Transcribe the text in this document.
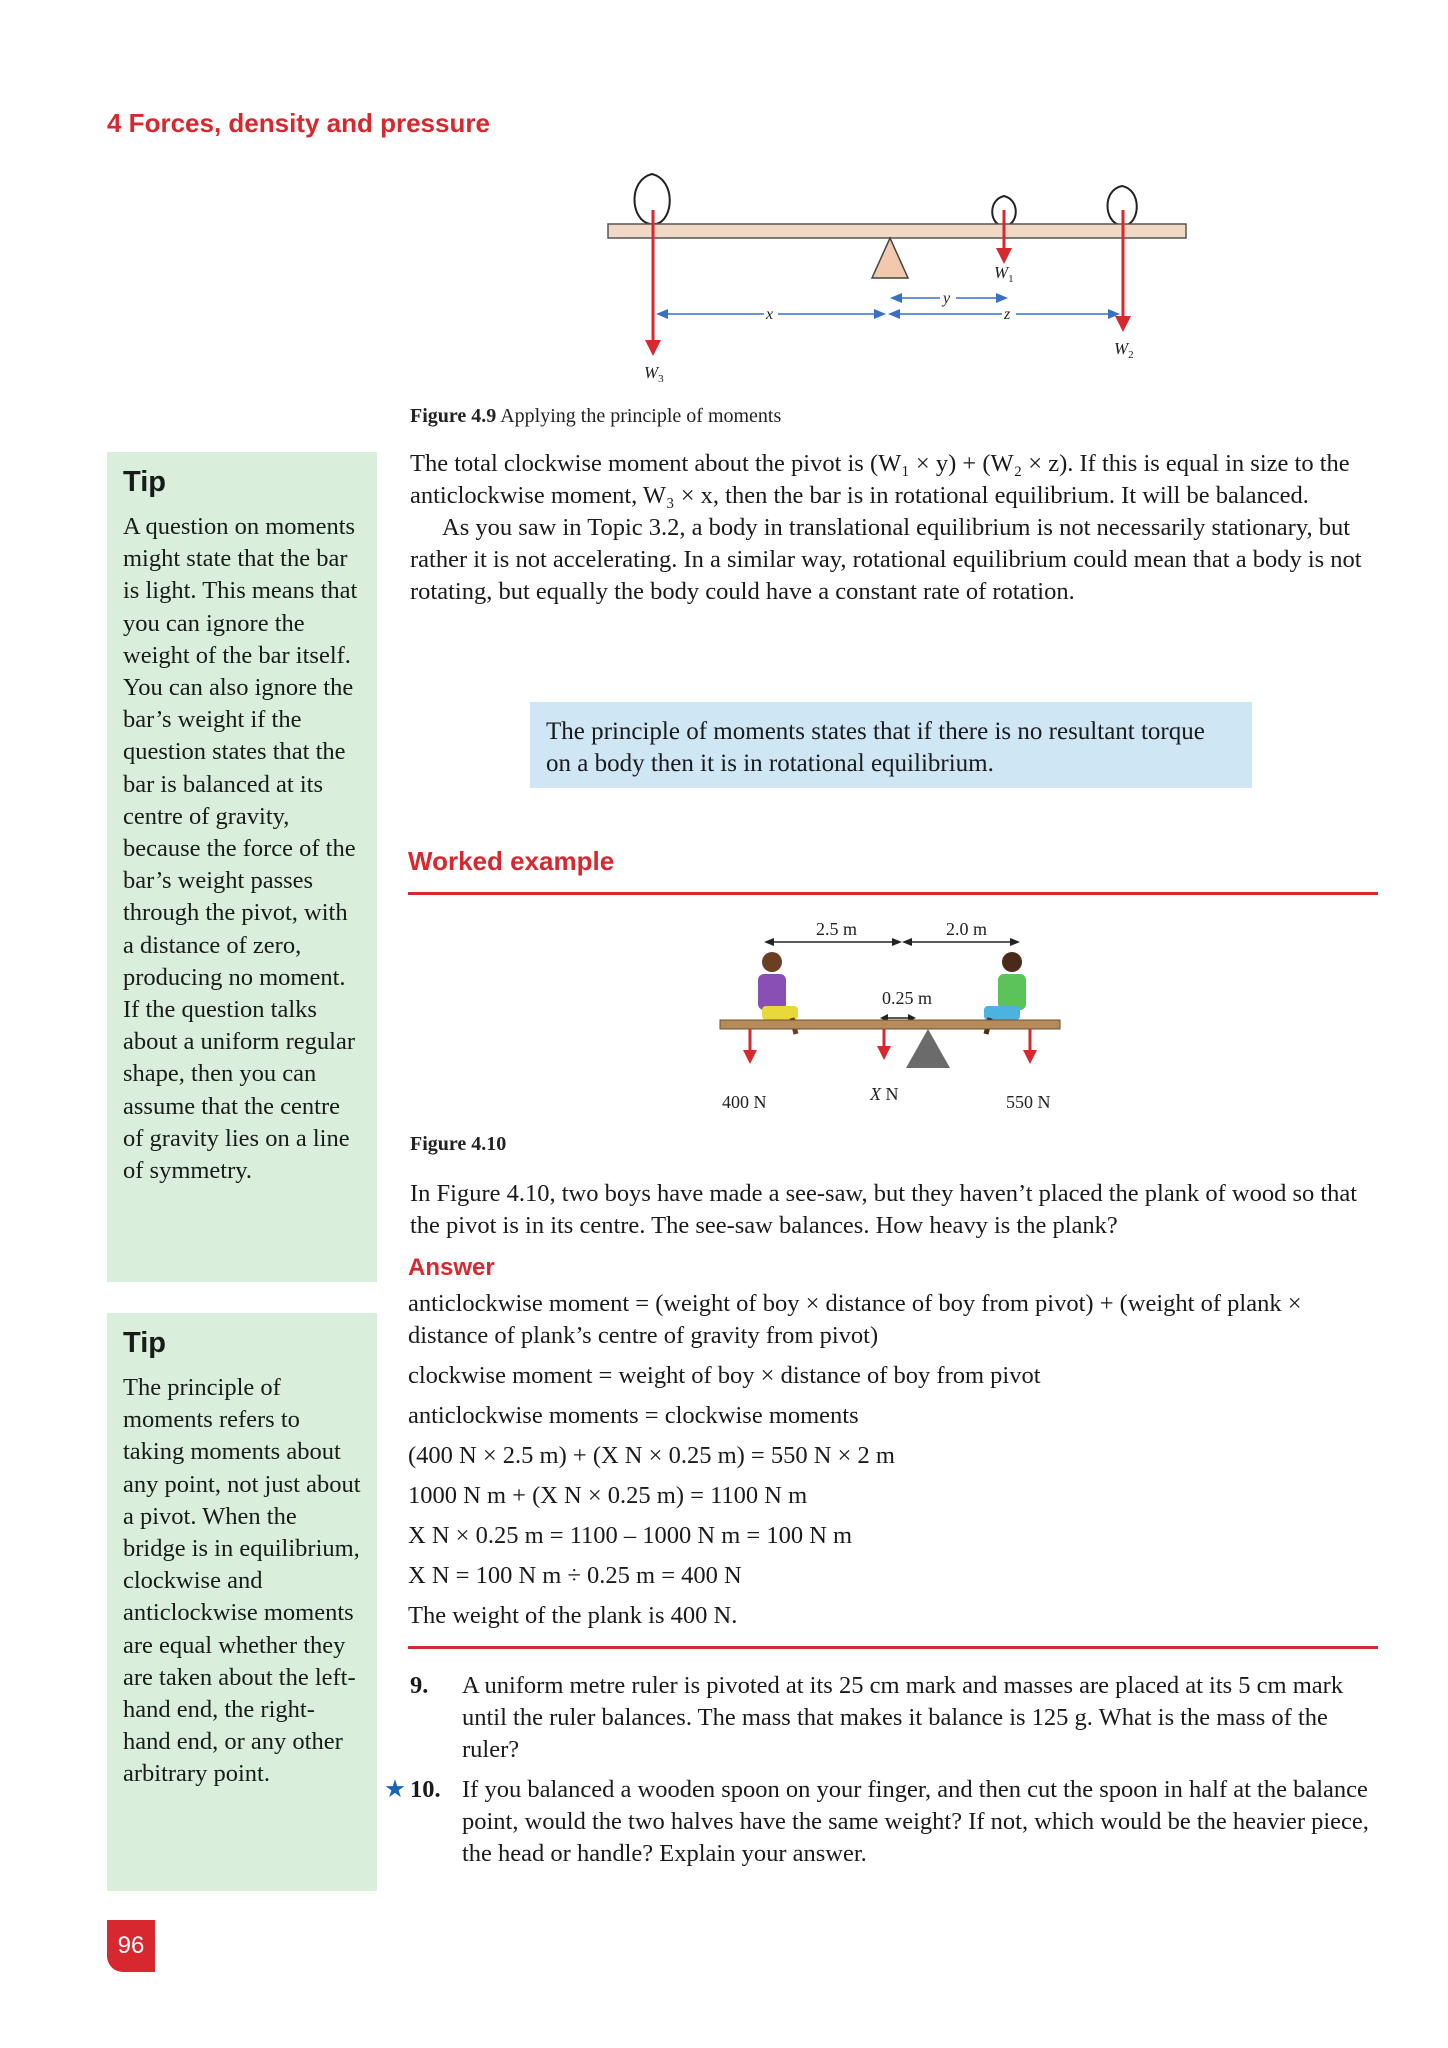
4 Forces, density and pressure
x
y
z
$W_1$
$W_2$
$W_3$
Figure 4.9 Applying the principle of moments

The total clockwise moment about the pivot is (W₁ × y) + (W₂ × z). If this is equal in size to the anticlockwise moment, W₃ × x, then the bar is in rotational equilibrium. It will be balanced.

As you saw in Topic 3.2, a body in translational equilibrium is not necessarily stationary, but rather it is not accelerating. In a similar way, rotational equilibrium could mean that a body is not rotating, but equally the body could have a constant rate of rotation.

The principle of moments states that if there is no resultant torque on a body then it is in rotational equilibrium.
Tip

A question on moments might state that the bar is light. This means that you can ignore the weight of the bar itself. You can also ignore the bar’s weight if the question states that the bar is balanced at its centre of gravity, because the force of the bar’s weight passes through the pivot, with a distance of zero, producing no moment. If the question talks about a uniform regular shape, then you can assume that the centre of gravity lies on a line of symmetry.

Tip

The principle of moments refers to taking moments about any point, not just about a pivot. When the bridge is in equilibrium, clockwise and anticlockwise moments are equal whether they are taken about the left-hand end, the right-hand end, or any other arbitrary point.

Worked example
2.5 m	2.0 m
0.25 m
400 N	X N	550 N
Figure 4.10
In Figure 4.10, two boys have made a see-saw, but they haven’t placed the plank of wood so that the pivot is in its centre. The see-saw balances. How heavy is the plank?
Answer
anticlockwise moment = (weight of boy × distance of boy from pivot) + (weight of plank ×
distance of plank’s centre of gravity from pivot)
clockwise moment = weight of boy × distance of boy from pivot
anticlockwise moments = clockwise moments
(400 N × 2.5 m) + (X N × 0.25 m) = 550 N × 2 m
1000 N m + (X N × 0.25 m) = 1100 N m
X N × 0.25 m = 1100 – 1000 N m = 100 N m
X N = 100 N m ÷ 0.25 m = 400 N
The weight of the plank is 400 N.
9. A uniform metre ruler is pivoted at its 25 cm mark and masses are placed at its 5 cm mark until the ruler balances. The mass that makes it balance is 125 g. What is the mass of the ruler?
★ 10. If you balanced a wooden spoon on your finger, and then cut the spoon in half at the balance point, would the two halves have the same weight? If not, which would be the heavier piece, the head or handle? Explain your answer.
96
